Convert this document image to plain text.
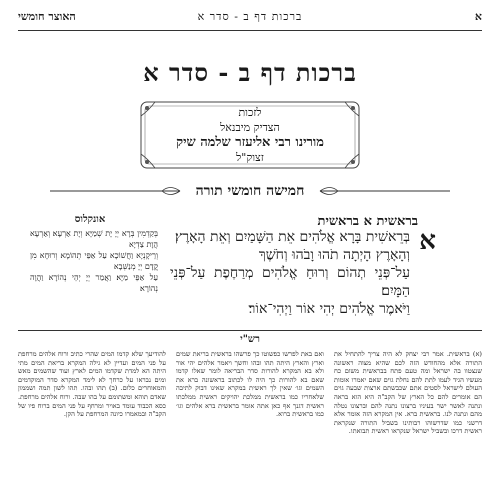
א
ברכות דף ב - סדר א
האוצר חומשי
ברכות דף ב - סדר א
לזכות
הצדיק מיבנאל
מורינו רבי אליעזר שלמה שיק
זצוק"ל
חמישה חומשי תורה
בראשית א בראשית
אונקלוס
א

בְּרֵאשִׁית בָּרָא אֱלֹהִים אֵת הַשָּׁמַיִם וְאֵת הָאָרֶץ׃

וְהָאָרֶץ הָיְתָה תֹהוּ וָבֹהוּ וְחֹשֶׁךְ

עַל־פְּנֵי תְהוֹם וְרוּחַ אֱלֹהִים מְרַחֶפֶת עַל־פְּנֵי הַמָּיִם׃

וַיֹּאמֶר אֱלֹהִים יְהִי אוֹר וַיְהִי־אוֹר׃

בְּקַדְמִין בְּרָא יְיָ יָת שְׁמַיָּא וְיָת אַרְעָא׃ וְאַרְעָא הֲוָת צַדְיָא

וְרֵיקָנְיָא וַחֲשׁוֹכָא עַל אַפֵּי תְהוֹמָא וְרוּחָא מִן קֳדָם יְיָ מְנַשְּׁבָא

עַל אַפֵּי מַיָּא׃ וַאֲמַר יְיָ יְהֵי נְהוֹרָא וַהֲוָה נְהוֹרָא׃

רש"י

(א) בראשית. אמר רבי יצחק לא היה צריך להתחיל את התורה אלא מהחודש הזה לכם שהיא מצוה ראשונה שנצטוו בה ישראל ומה טעם פתח בבראשית משום כח מעשיו הגיד לעמו לתת להם נחלת גוים שאם יאמרו אומות העולם לישראל לסטים אתם שכבשתם ארצות שבעה גוים הם אומרים להם כל הארץ של הקב"ה היא הוא בראה ונתנה לאשר ישר בעיניו ברצונו נתנה להם וברצונו נטלה מהם ונתנה לנו. בראשית ברא. אין המקרא הזה אומר אלא דרשני כמו שדרשוהו רבותינו בשביל התורה שנקראת ראשית דרכו ובשביל ישראל שנקראו ראשית תבואתו.

ואם באת לפרשו כפשוטו כך פרשהו בראשית בריאת שמים וארץ והארץ היתה תהו ובהו וחשך ויאמר אלהים יהי אור ולא בא המקרא להורות סדר הבריאה לומר שאלו קדמו שאם בא להורות כך היה לו לכתוב בראשונה ברא את השמים וגו׳ שאין לך ראשית במקרא שאינו דבוק לתיבה שלאחריו כמו בראשית ממלכת יהויקים ראשית ממלכתו ראשית דגנך אף כאן אתה אומר בראשית ברא אלהים וגו׳ כמו בראשית ברוא.

להודיעך שלא קדמו המים שהרי כתיב ורוח אלהים מרחפת על פני המים ועדיין לא גילה המקרא בריאת המים מתי היתה הא למדת שקדמו המים לארץ ועוד שהשמים מאש ומים נבראו על כרחך לא לימד המקרא סדר המוקדמים והמאוחרים כלום. (ב) תהו ובהו. תהו לשון תמה ושממון שאדם תוהא ומשתומם על בהו שבה. ורוח אלהים מרחפת. כסא הכבוד עומד באויר ומרחף על פני המים ברוח פיו של הקב"ה ובמאמרו כיונה המרחפת על הקן.
